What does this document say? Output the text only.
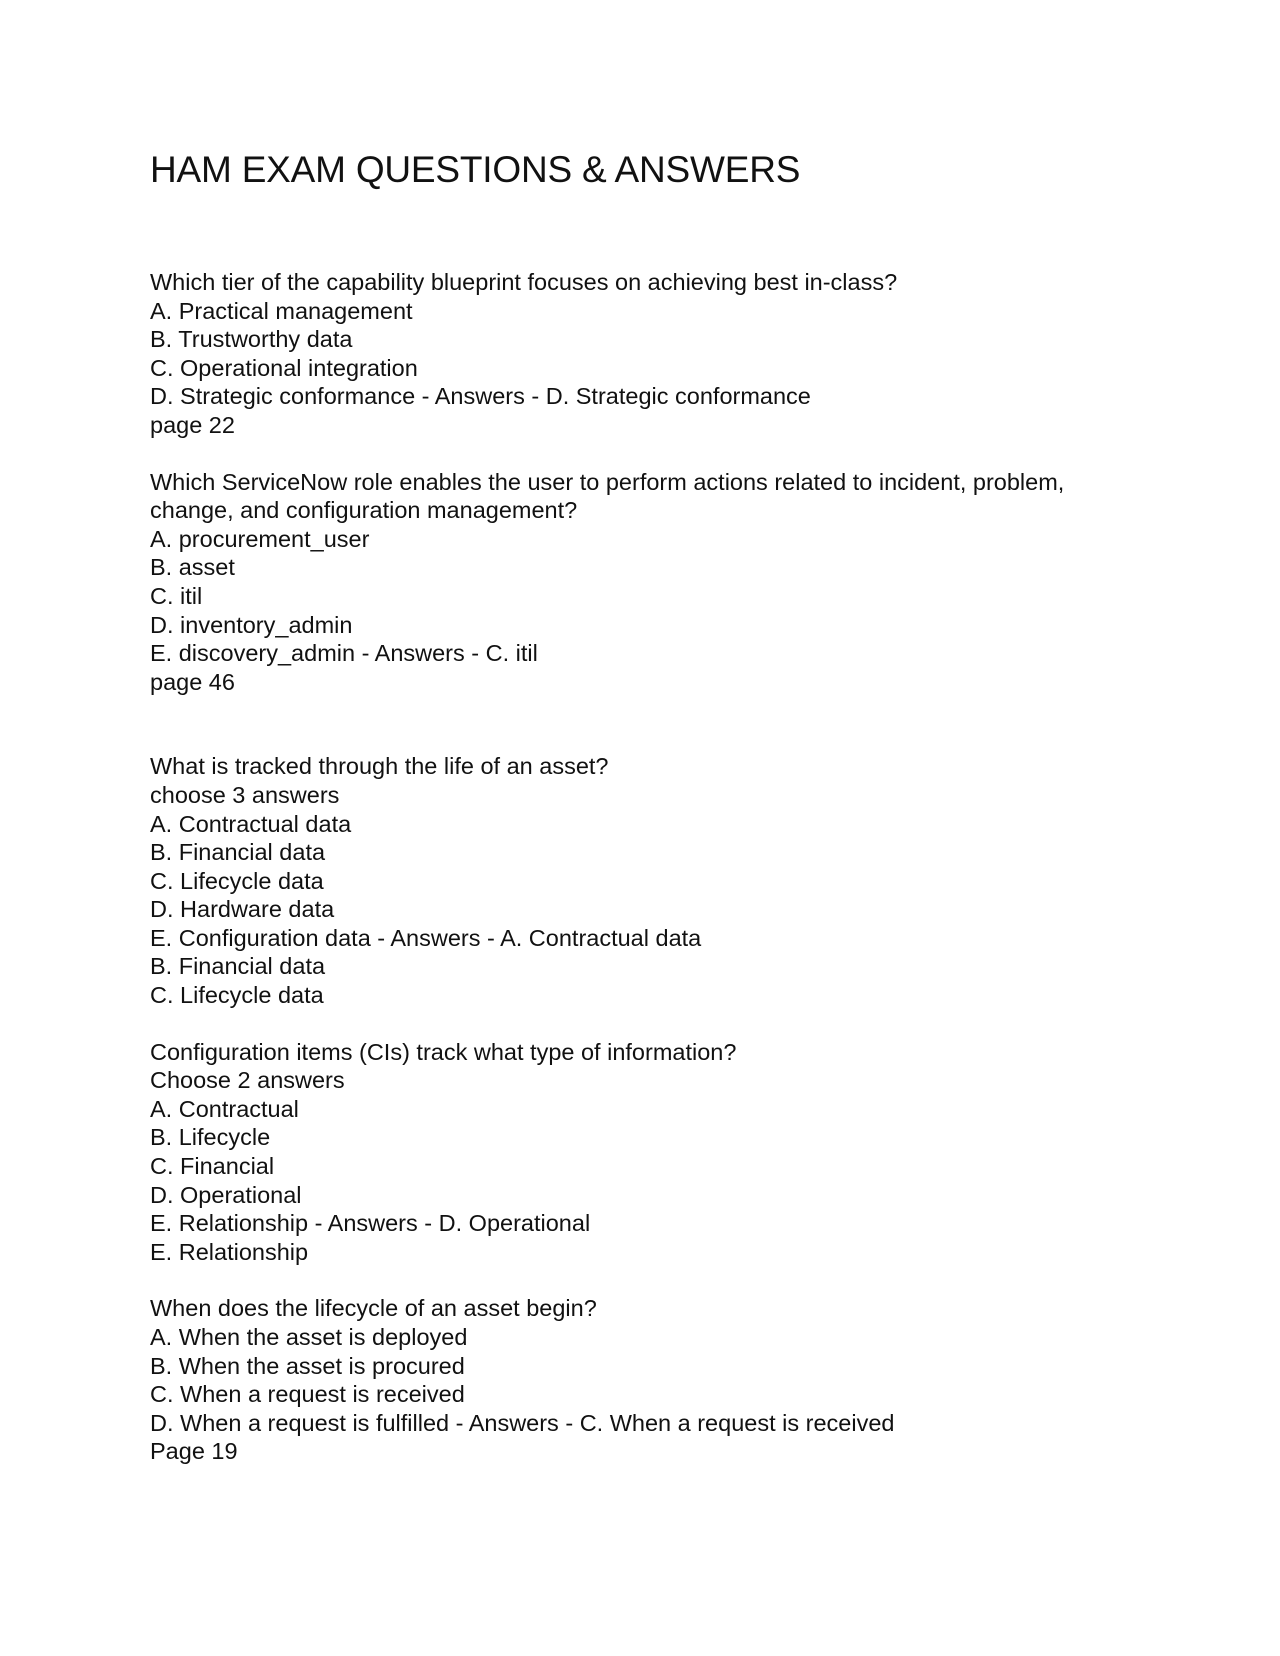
HAM EXAM QUESTIONS & ANSWERS
Which tier of the capability blueprint focuses on achieving best in-class?
A. Practical management
B. Trustworthy data
C. Operational integration
D. Strategic conformance - Answers - D. Strategic conformance
page 22
Which ServiceNow role enables the user to perform actions related to incident, problem, change, and configuration management?
A. procurement_user
B. asset
C. itil
D. inventory_admin
E. discovery_admin - Answers - C. itil
page 46
What is tracked through the life of an asset?
choose 3 answers
A. Contractual data
B. Financial data
C. Lifecycle data
D. Hardware data
E. Configuration data - Answers - A. Contractual data
B. Financial data
C. Lifecycle data
Configuration items (CIs) track what type of information?
Choose 2 answers
A. Contractual
B. Lifecycle
C. Financial
D. Operational
E. Relationship - Answers - D. Operational
E. Relationship
When does the lifecycle of an asset begin?
A. When the asset is deployed
B. When the asset is procured
C. When a request is received
D. When a request is fulfilled - Answers - C. When a request is received
Page 19
